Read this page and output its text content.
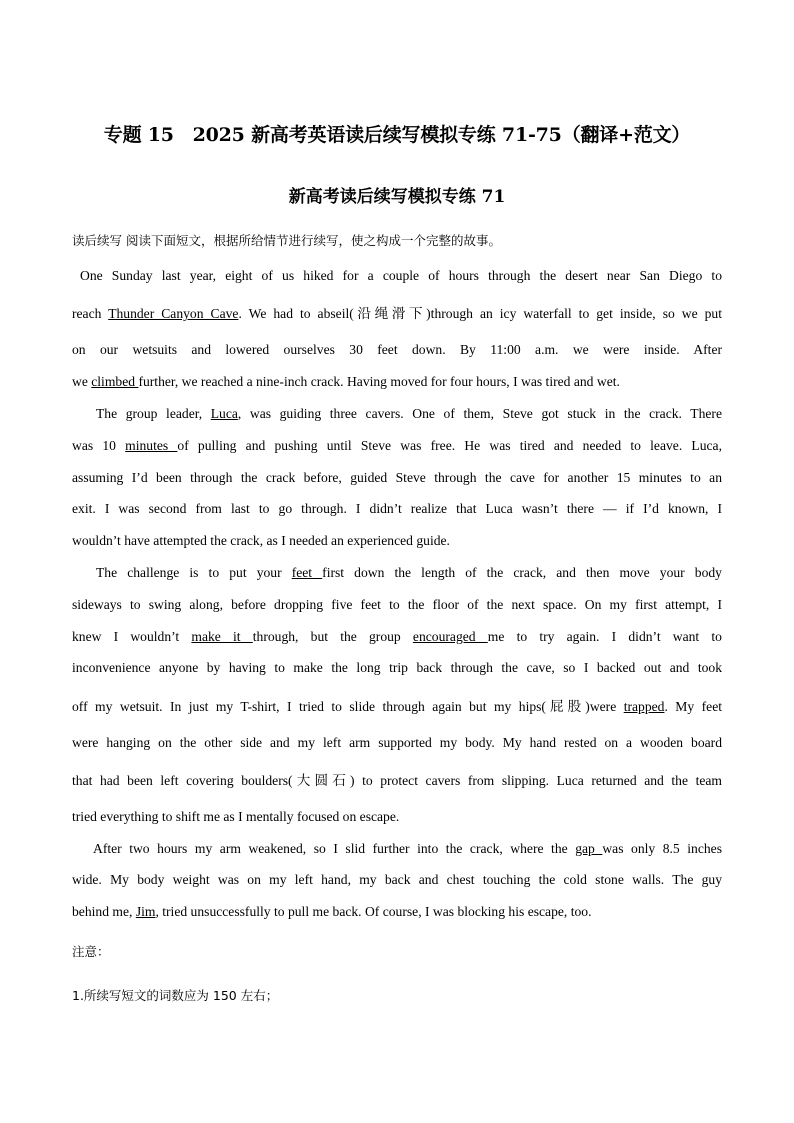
专题 15　2025 新高考英语读后续写模拟专练 71-75（翻译+范文）
新高考读后续写模拟专练 71
读后续写 阅读下面短文，根据所给情节进行续写，使之构成一个完整的故事。
One Sunday last year, eight of us hiked for a couple of hours through the desert near San Diego to
reach Thunder Canyon Cave. We had to abseil(沿绳滑下)through an icy waterfall to get inside, so we put
on our wetsuits and lowered ourselves 30 feet down. By 11:00 a.m. we were inside. After
we climbed further, we reached a nine-inch crack. Having moved for four hours, I was tired and wet.
The group leader, Luca, was guiding three cavers. One of them, Steve got stuck in the crack. There
was 10 minutes of pulling and pushing until Steve was free. He was tired and needed to leave. Luca,
assuming I’d been through the crack before, guided Steve through the cave for another 15 minutes to an
exit. I was second from last to go through. I didn’t realize that Luca wasn’t there — if I’d known, I
wouldn’t have attempted the crack, as I needed an experienced guide.
The challenge is to put your feet first down the length of the crack, and then move your body
sideways to swing along, before dropping five feet to the floor of the next space. On my first attempt, I
knew I wouldn’t make it through, but the group encouraged me to try again. I didn’t want to
inconvenience anyone by having to make the long trip back through the cave, so I backed out and took
off my wetsuit. In just my T-shirt, I tried to slide through again but my hips(屁股)were trapped. My feet
were hanging on the other side and my left arm supported my body. My hand rested on a wooden board
that had been left covering boulders(大圆石) to protect cavers from slipping. Luca returned and the team
tried everything to shift me as I mentally focused on escape.
After two hours my arm weakened, so I slid further into the crack, where the gap was only 8.5 inches
wide. My body weight was on my left hand, my back and chest touching the cold stone walls. The guy
behind me, Jim, tried unsuccessfully to pull me back. Of course, I was blocking his escape, too.
注意：
1.所续写短文的词数应为 150 左右；
